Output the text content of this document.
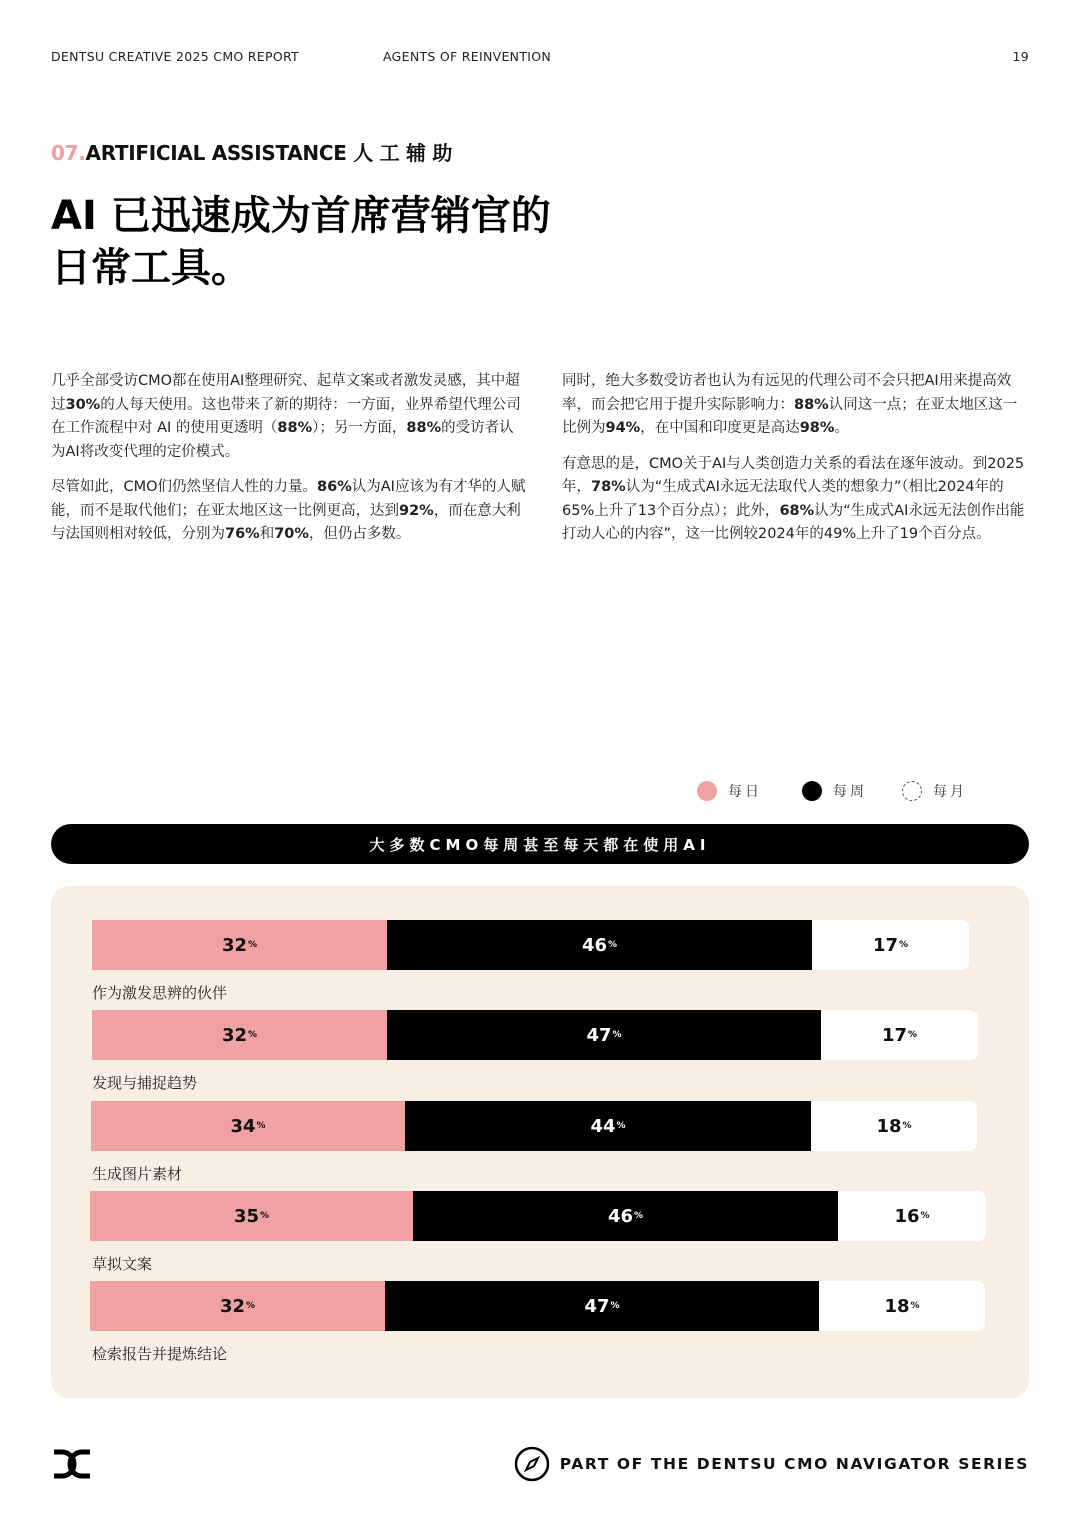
DENTSU CREATIVE 2025 CMO REPORT	AGENTS OF REINVENTION	19
07.ARTIFICIAL ASSISTANCE 人 工 辅 助
AI 已迅速成为首席营销官的
日常工具。

几乎全部受访CMO都在使用AI整理研究、起草文案或者激发灵感，其中超过30%的人每天使用。这也带来了新的期待：一方面，业界希望代理公司在工作流程中对 AI 的使用更透明（88%）；另一方面，88%的受访者认为AI将改变代理的定价模式。

尽管如此，CMO们仍然坚信人性的力量。86%认为AI应该为有才华的人赋能，而不是取代他们；在亚太地区这一比例更高，达到92%，而在意大利与法国则相对较低，分别为76%和70%，但仍占多数。

同时，绝大多数受访者也认为有远见的代理公司不会只把AI用来提高效率，而会把它用于提升实际影响力：88%认同这一点；在亚太地区这一比例为94%，在中国和印度更是高达98%。

有意思的是，CMO关于AI与人类创造力关系的看法在逐年波动。到2025年，78%认为“生成式AI永远无法取代人类的想象力”（相比2024年的65%上升了13个百分点）；此外，68%认为“生成式AI永远无法创作出能打动人心的内容”，这一比例较2024年的49%上升了19个百分点。

每日	每周	每月
大多数CMO每周甚至每天都在使用AI
32 %	46 %	17 %
作为激发思辨的伙伴
32 %	47 %	17 %
发现与捕捉趋势
34 %	44 %	18 %
生成图片素材
35 %	46 %	16 %
草拟文案
32 %	47 %	18 %
检索报告并提炼结论
PART OF THE DENTSU CMO NAVIGATOR SERIES
